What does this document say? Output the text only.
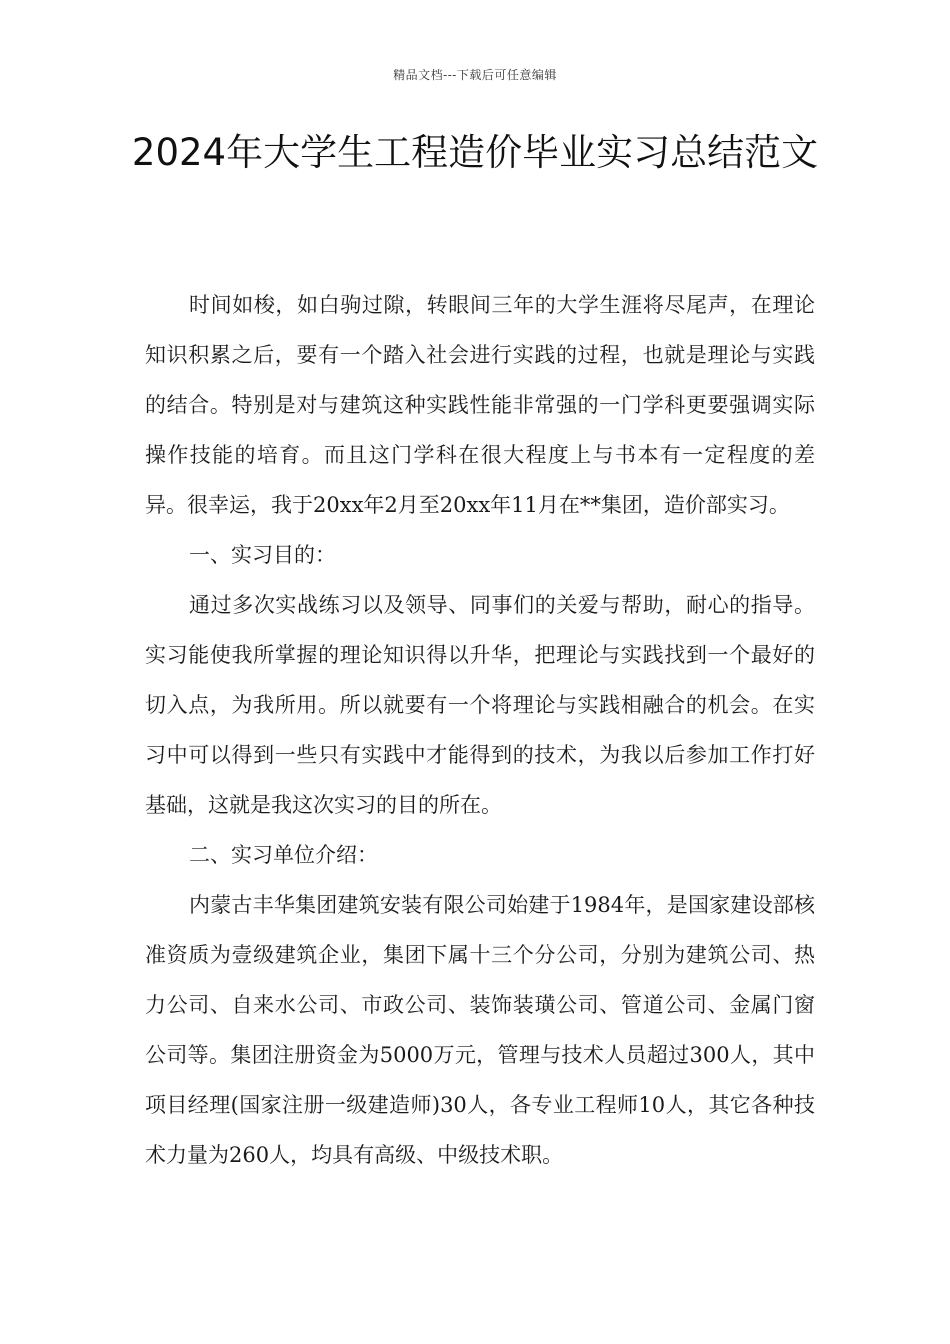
精品文档---下载后可任意编辑
2024年大学生工程造价毕业实习总结范文

时间如梭，如白驹过隙，转眼间三年的大学生涯将尽尾声，在理论知识积累之后，要有一个踏入社会进行实践的过程，也就是理论与实践的结合。特别是对与建筑这种实践性能非常强的一门学科更要强调实际操作技能的培育。而且这门学科在很大程度上与书本有一定程度的差异。很幸运，我于20xx年2月至20xx年11月在**集团，造价部实习。

一、实习目的：

通过多次实战练习以及领导、同事们的关爱与帮助，耐心的指导。实习能使我所掌握的理论知识得以升华，把理论与实践找到一个最好的切入点，为我所用。所以就要有一个将理论与实践相融合的机会。在实习中可以得到一些只有实践中才能得到的技术，为我以后参加工作打好基础，这就是我这次实习的目的所在。

二、实习单位介绍：

内蒙古丰华集团建筑安装有限公司始建于1984年，是国家建设部核准资质为壹级建筑企业，集团下属十三个分公司，分别为建筑公司、热力公司、自来水公司、市政公司、装饰装璜公司、管道公司、金属门窗公司等。集团注册资金为5000万元，管理与技术人员超过300人，其中项目经理(国家注册一级建造师)30人，各专业工程师10人，其它各种技术力量为260人，均具有高级、中级技术职。
